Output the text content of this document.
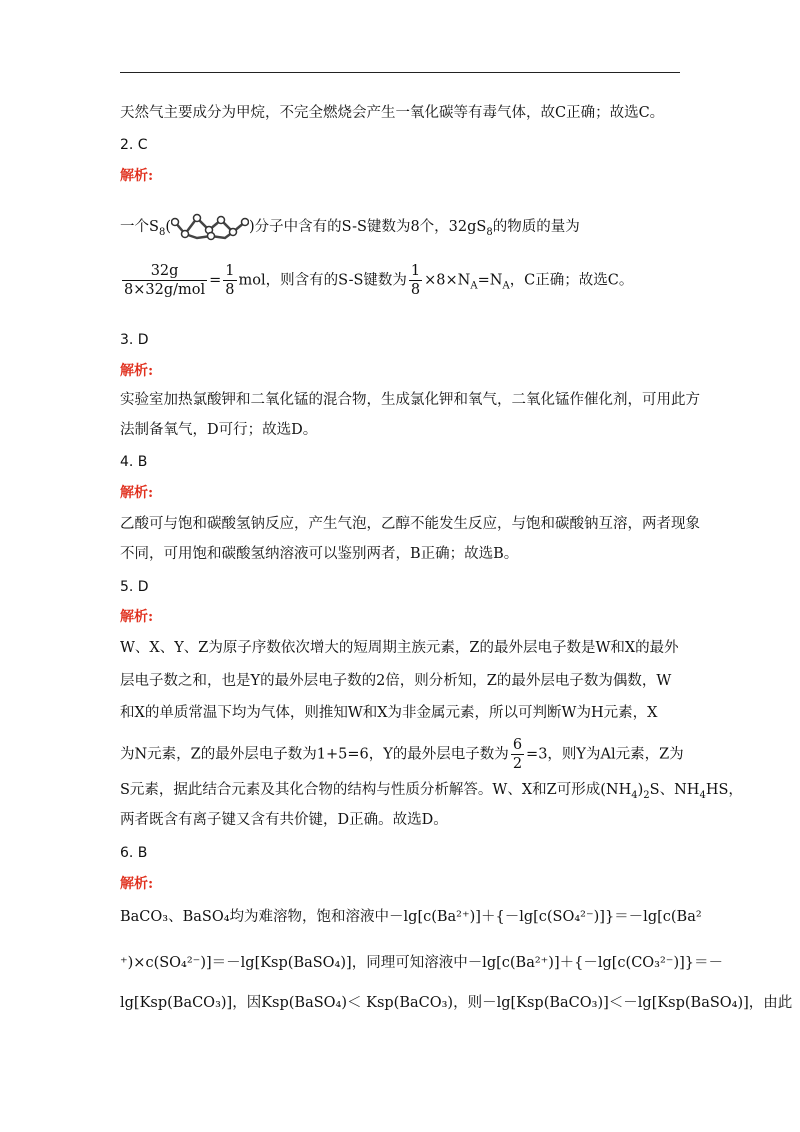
天然气主要成分为甲烷，不完全燃烧会产生一氧化碳等有毒气体，故C正确；故选C。
2. C
解析:
一个$S_8$(	)分子中含有的S-S键数为8个，$32gS_8$的物质的量为
$\frac{32g}{\text{8×32g/mol}} = \frac{1}{8}$ mol，则含有的S-S键数为 $\frac{1}{8} \times 8\times N_A=N_A$，C正确；故选C。
3. D
解析:
实验室加热氯酸钾和二氧化锰的混合物，生成氯化钾和氧气，二氧化锰作催化剂，可用此方
法制备氧气，D可行；故选D。
4. B
解析:
乙酸可与饱和碳酸氢钠反应，产生气泡，乙醇不能发生反应，与饱和碳酸钠互溶，两者现象
不同，可用饱和碳酸氢纳溶液可以鉴别两者，B正确；故选B。
5. D
解析:
W、X、Y、Z为原子序数依次增大的短周期主族元素，Z的最外层电子数是W和X的最外
层电子数之和，也是Y的最外层电子数的2倍，则分析知，Z的最外层电子数为偶数，W
和X的单质常温下均为气体，则推知W和X为非金属元素，所以可判断W为H元素，X
为N元素，Z的最外层电子数为1+5=6，Y的最外层电子数为 $\frac{6}{2} =3$，则Y为Al元素，Z为
S元素，据此结合元素及其化合物的结构与性质分析解答。W、X和Z可形成$(NH_4)_2S$、$NH_4HS$，
两者既含有离子键又含有共价键，D正确。故选D。
6. B
解析:
BaCO₃、BaSO₄均为难溶物，饱和溶液中－lg[c(Ba²⁺)]＋{－lg[c(SO₄²⁻)]}＝－lg[c(Ba²
⁺)×c(SO₄²⁻)]＝－lg[Ksp(BaSO₄)]，同理可知溶液中－lg[c(Ba²⁺)]＋{－lg[c(CO₃²⁻)]}＝－
lg[Ksp(BaCO₃)]，因Ksp(BaSO₄)＜ Ksp(BaCO₃)，则－lg[Ksp(BaCO₃)]＜－lg[Ksp(BaSO₄)]，由此
